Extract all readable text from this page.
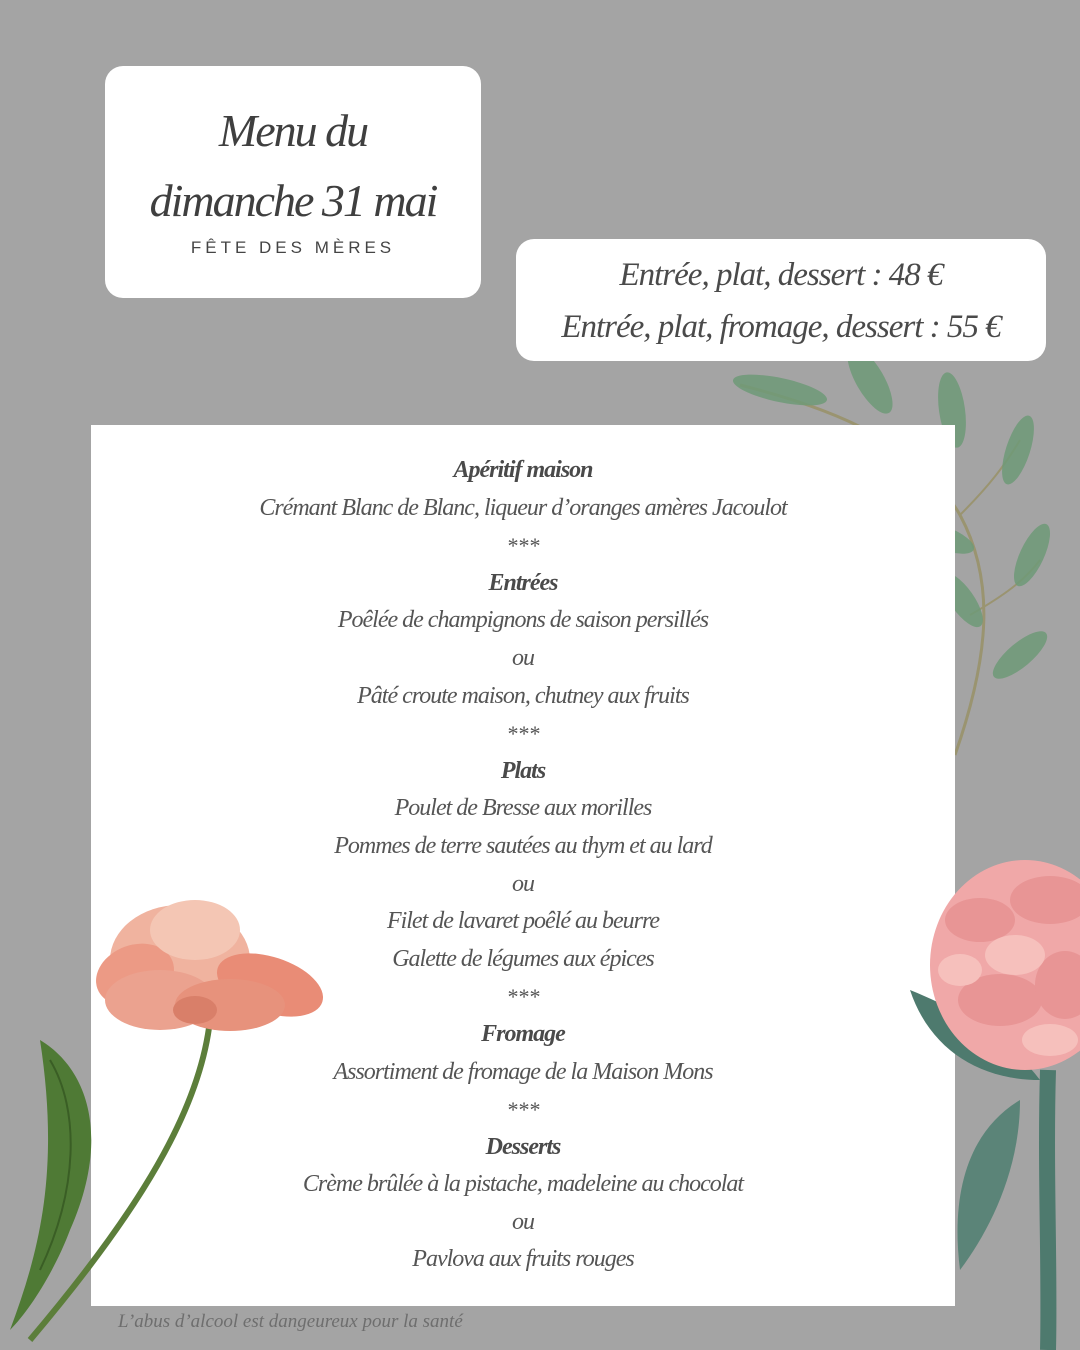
Menu du
dimanche 31 mai
FÊTE DES MÈRES
Entrée, plat, dessert : 48 €
Entrée, plat, fromage, dessert : 55 €
Apéritif maison
Crémant Blanc de Blanc, liqueur d’oranges amères Jacoulot
***
Entrées
Poêlée de champignons de saison persillés
ou
Pâté croute maison, chutney aux fruits
***
Plats
Poulet de Bresse aux morilles
Pommes de terre sautées au thym et au lard
ou
Filet de lavaret poêlé au beurre
Galette de légumes aux épices
***
Fromage
Assortiment de fromage de la Maison Mons
***
Desserts
Crème brûlée à la pistache, madeleine au chocolat
ou
Pavlova aux fruits rouges
L’abus d’alcool est dangeureux pour la santé
